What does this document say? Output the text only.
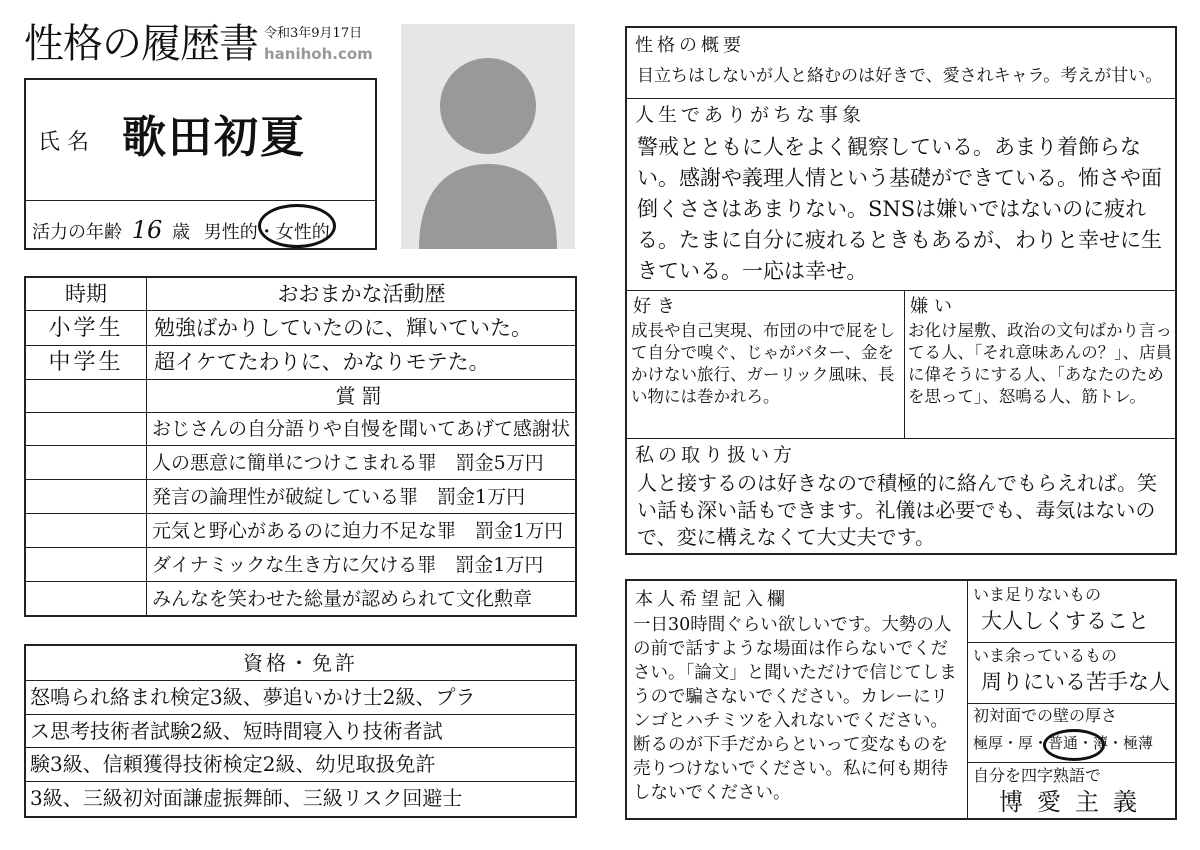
性格の履歴書 令和3年9月17日
hanihoh.com
氏 名 歌田初夏
活力の年齢 16 歳 男性的・女性的
時期	おおまかな活動歴
小学生	勉強ばかりしていたのに、輝いていた。
中学生	超イケてたわりに、かなりモテた。
賞罰
おじさんの自分語りや自慢を聞いてあげて感謝状
人の悪意に簡単につけこまれる罪　罰金5万円
発言の論理性が破綻している罪　罰金1万円
元気と野心があるのに迫力不足な罪　罰金1万円
ダイナミックな生き方に欠ける罪　罰金1万円
みんなを笑わせた総量が認められて文化勲章
資格・免許
怒鳴られ絡まれ検定3級、夢追いかけ士2級、プラ
ス思考技術者試験2級、短時間寝入り技術者試
験3級、信頼獲得技術検定2級、幼児取扱免許
3級、三級初対面謙虚振舞師、三級リスク回避士
性格の概要
目立ちはしないが人と絡むのは好きで、愛されキャラ。考えが甘い。
人生でありがちな事象
警戒とともに人をよく観察している。あまり着飾らない。感謝や義理人情という基礎ができている。怖さや面倒くささはあまりない。SNSは嫌いではないのに疲れる。たまに自分に疲れるときもあるが、わりと幸せに生きている。一応は幸せ。
好き
成長や自己実現、布団の中で屁をして自分で嗅ぐ、じゃがバター、金をかけない旅行、ガーリック風味、長い物には巻かれろ。
嫌い
お化け屋敷、政治の文句ばかり言ってる人、「それ意味あんの？」、店員に偉そうにする人、「あなたのためを思って」、怒鳴る人、筋トレ。
私の取り扱い方
人と接するのは好きなので積極的に絡んでもらえれば。笑い話も深い話もできます。礼儀は必要でも、毒気はないので、変に構えなくて大丈夫です。
本人希望記入欄
一日30時間ぐらい欲しいです。大勢の人の前で話すような場面は作らないでください。「論文」と聞いただけで信じてしまうので騙さないでください。カレーにリンゴとハチミツを入れないでください。断るのが下手だからといって変なものを売りつけないでください。私に何も期待しないでください。
いま足りないもの
大人しくすること
いま余っているもの
周りにいる苦手な人
初対面での壁の厚さ
極厚・厚・普通・薄・極薄
自分を四字熟語で
博愛主義
